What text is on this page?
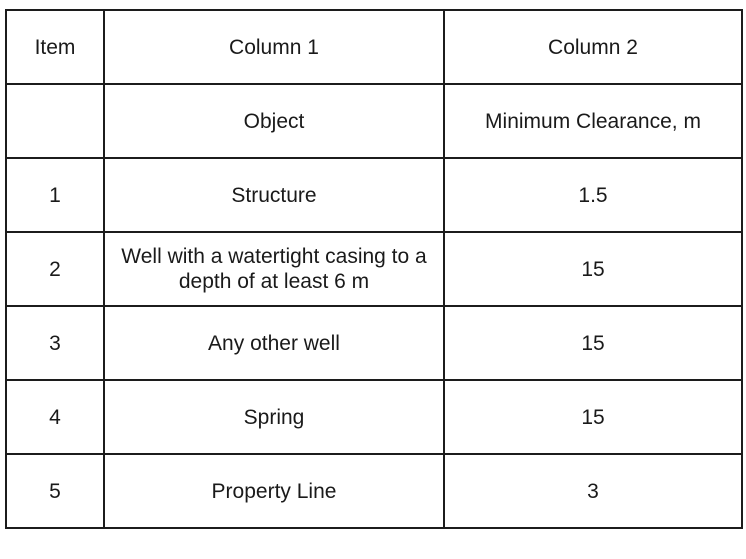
Item	Column 1	Column 2
	Object	Minimum Clearance, m
1	Structure	1.5
2	Well with a watertight casing to a depth of at least 6 m	15
3	Any other well	15
4	Spring	15
5	Property Line	3
